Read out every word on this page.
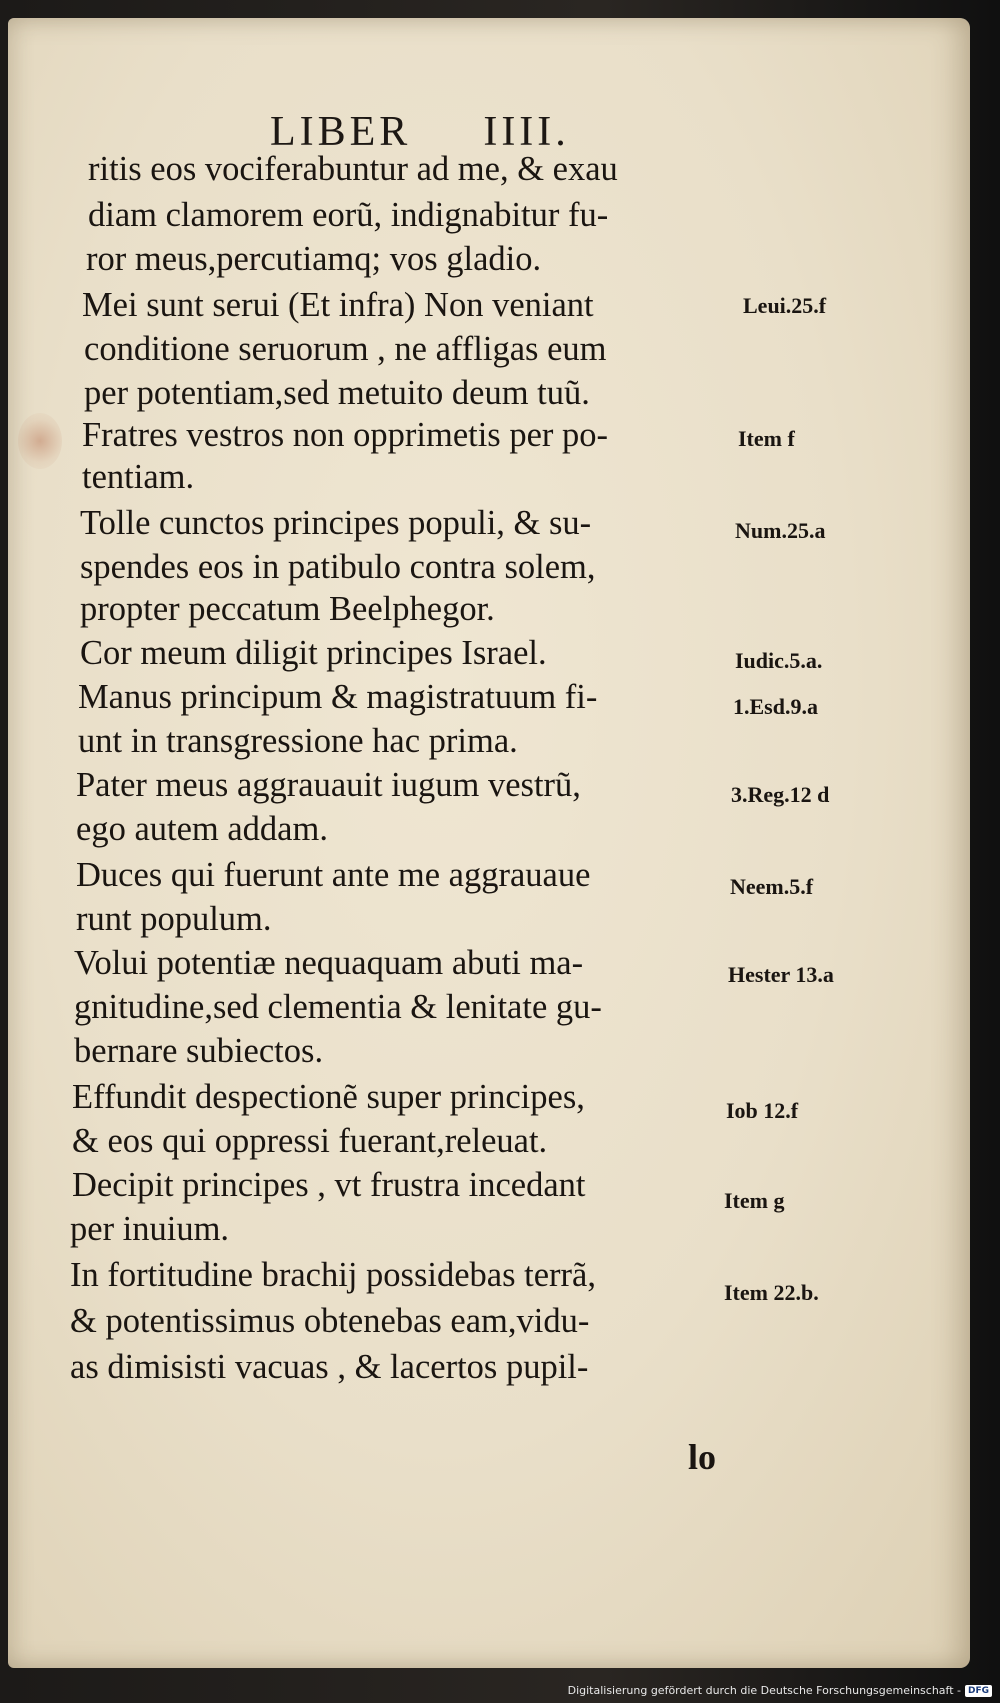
LIBER IIII.
ritis eos vociferabuntur ad me, & exau
diam clamorem eorũ, indignabitur fu-
ror meus,percutiamq; vos gladio.
Mei sunt serui (Et infra) Non veniant
conditione seruorum , ne affligas eum
per potentiam,sed metuito deum tuũ.
Fratres vestros non opprimetis per po-
tentiam.
Tolle cunctos principes populi, & su-
spendes eos in patibulo contra solem,
propter peccatum Beelphegor.
Cor meum diligit principes Israel.
Manus principum & magistratuum fi-
unt in transgressione hac prima.
Pater meus aggrauauit iugum vestrũ,
ego autem addam.
Duces qui fuerunt ante me aggrauaue
runt populum.
Volui potentiæ nequaquam abuti ma-
gnitudine,sed clementia & lenitate gu-
bernare subiectos.
Effundit despectionẽ super principes,
& eos qui oppressi fuerant,releuat.
Decipit principes , vt frustra incedant
per inuium.
In fortitudine brachij possidebas terrã,
& potentissimus obtenebas eam,vidu-
as dimisisti vacuas , & lacertos pupil-
Leui.25.f
Item f
Num.25.a
Iudic.5.a.
1.Esd.9.a
3.Reg.12 d
Neem.5.f
Hester 13.a
Iob 12.f
Item g
Item 22.b.
lo
Digitalisierung gefördert durch die Deutsche Forschungsgemeinschaft - DFG
